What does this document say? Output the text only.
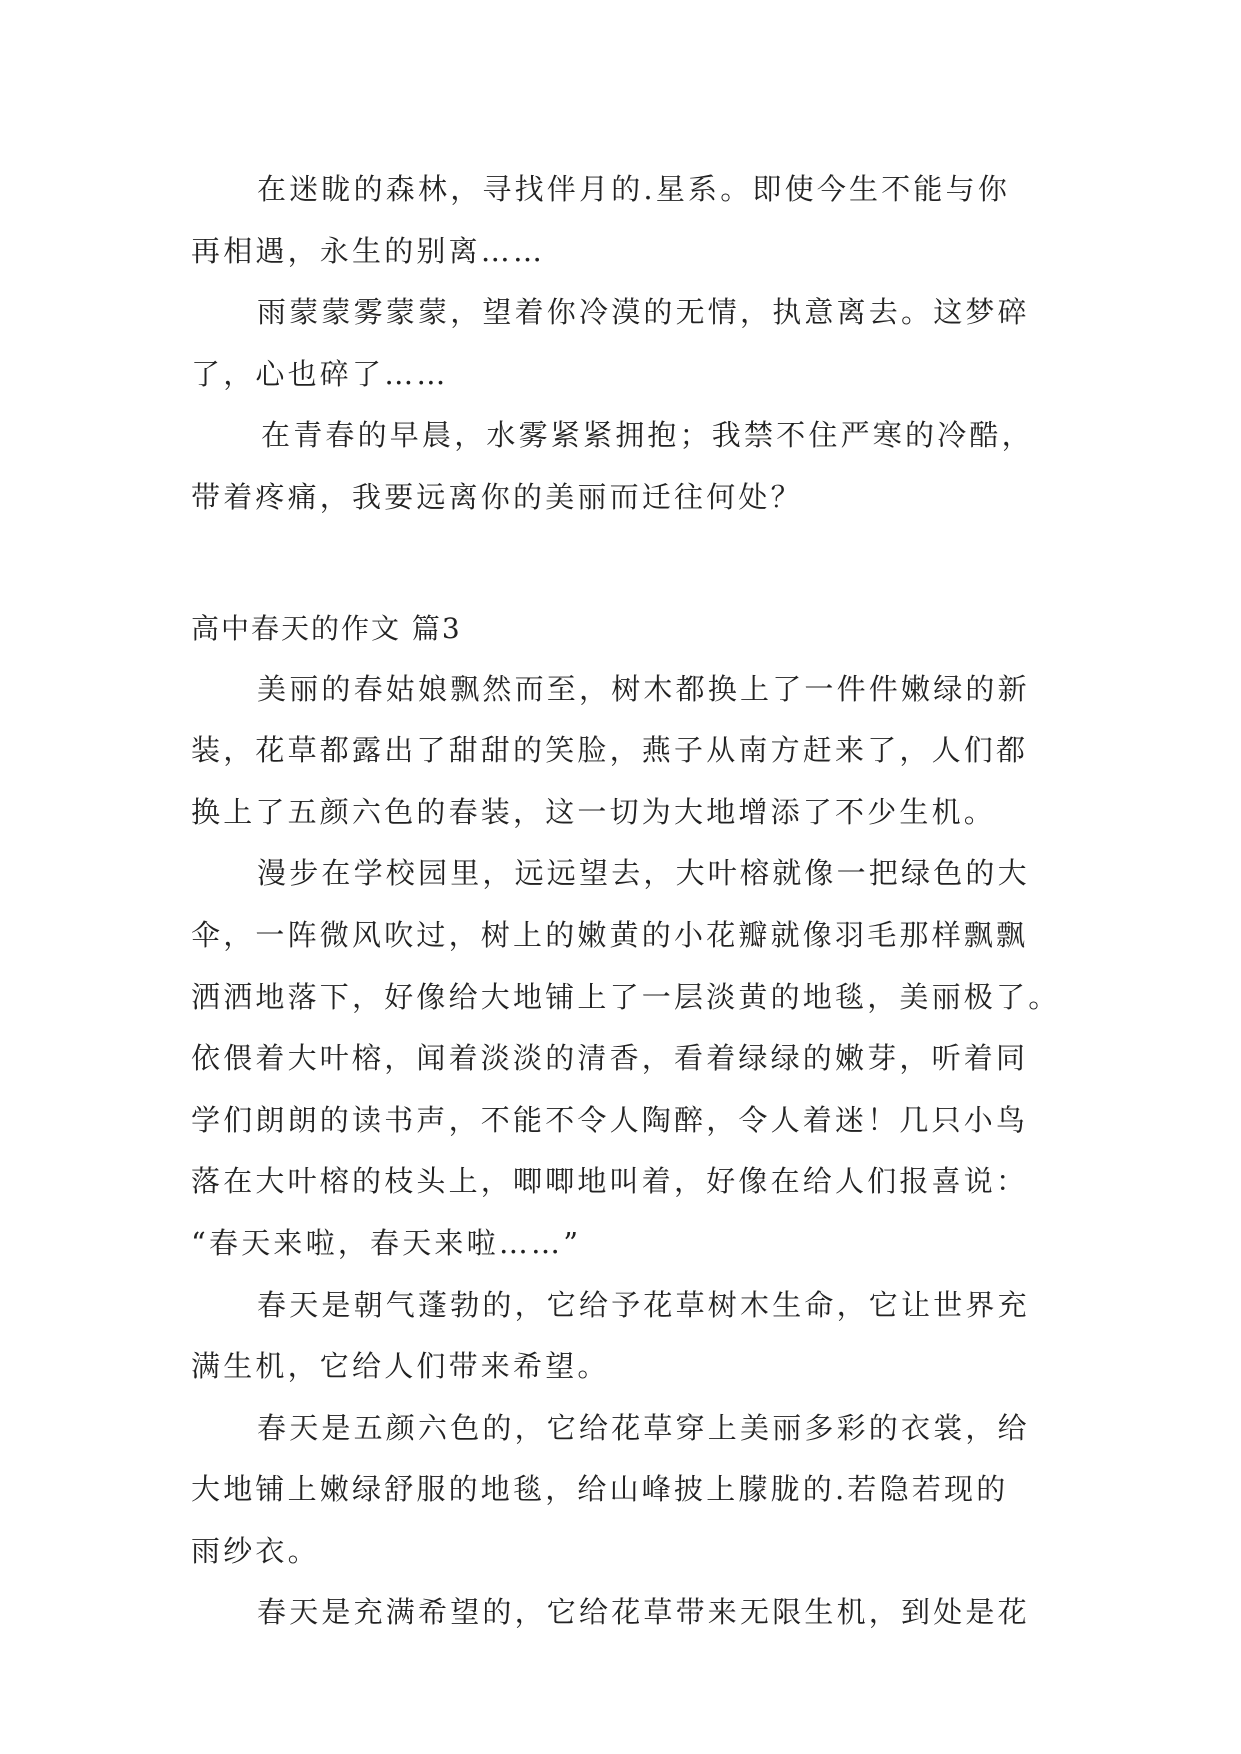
在迷眬的森林，寻找伴月的.星系。即使今生不能与你
再相遇，永生的别离……
雨蒙蒙雾蒙蒙，望着你冷漠的无情，执意离去。这梦碎
了，心也碎了……
在青春的早晨，水雾紧紧拥抱；我禁不住严寒的冷酷，
带着疼痛，我要远离你的美丽而迁往何处？
高中春天的作文 篇3
美丽的春姑娘飘然而至，树木都换上了一件件嫩绿的新
装，花草都露出了甜甜的笑脸，燕子从南方赶来了，人们都
换上了五颜六色的春装，这一切为大地增添了不少生机。
漫步在学校园里，远远望去，大叶榕就像一把绿色的大
伞，一阵微风吹过，树上的嫩黄的小花瓣就像羽毛那样飘飘
洒洒地落下，好像给大地铺上了一层淡黄的地毯，美丽极了。
依偎着大叶榕，闻着淡淡的清香，看着绿绿的嫩芽，听着同
学们朗朗的读书声，不能不令人陶醉，令人着迷！几只小鸟
落在大叶榕的枝头上，唧唧地叫着，好像在给人们报喜说：
“春天来啦，春天来啦……”
春天是朝气蓬勃的，它给予花草树木生命，它让世界充
满生机，它给人们带来希望。
春天是五颜六色的，它给花草穿上美丽多彩的衣裳，给
大地铺上嫩绿舒服的地毯，给山峰披上朦胧的.若隐若现的
雨纱衣。
春天是充满希望的，它给花草带来无限生机，到处是花
